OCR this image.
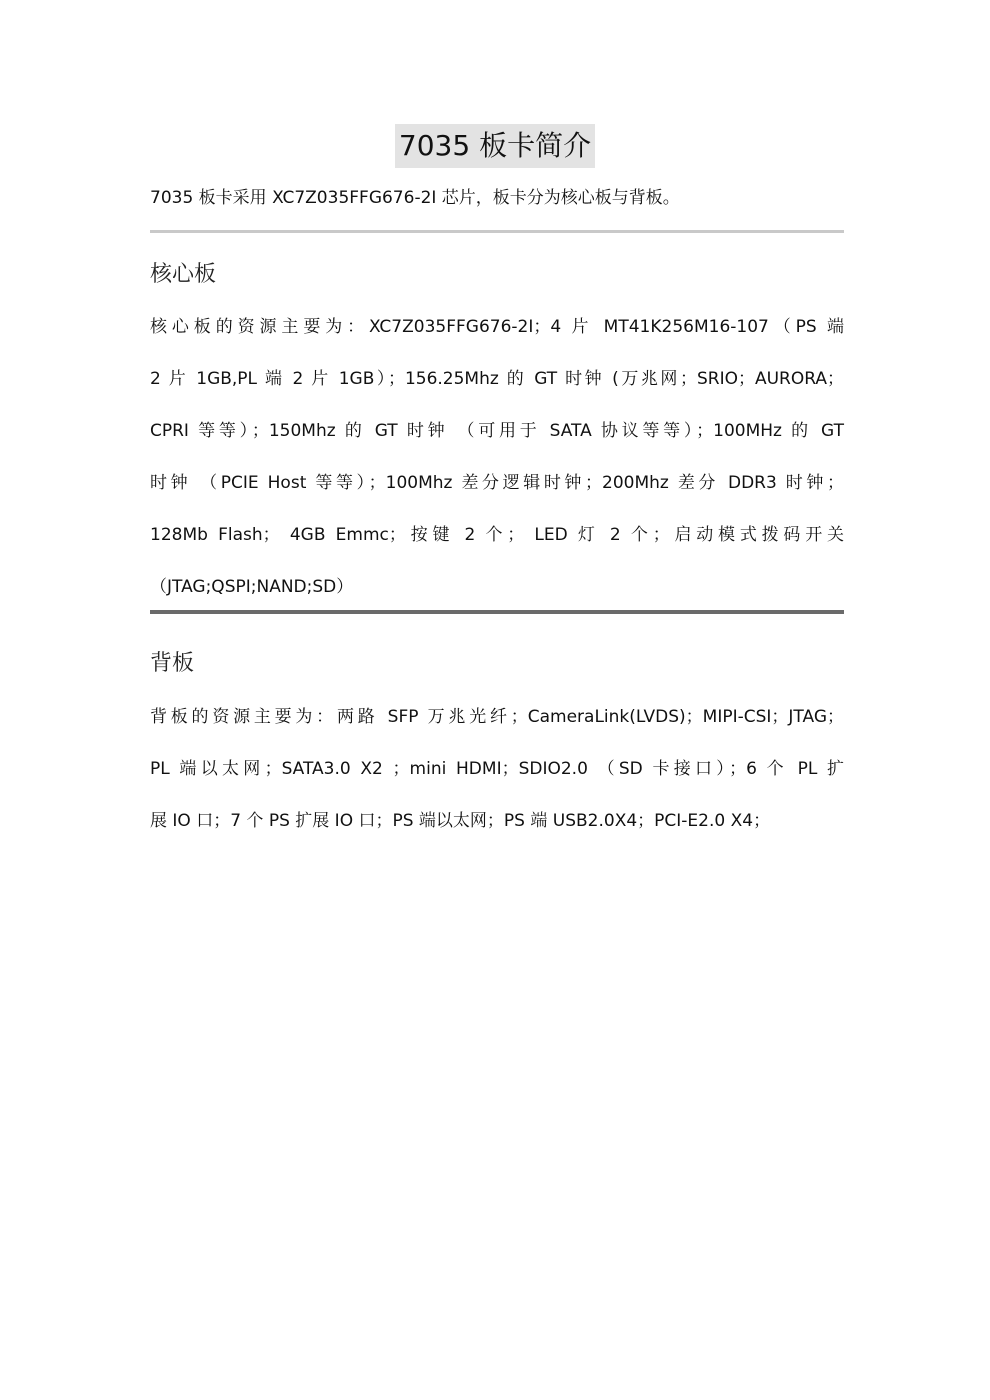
7035 板卡简介
7035 板卡采用 XC7Z035FFG676-2I 芯片，板卡分为核心板与背板。
核心板
核心板的资源主要为：XC7Z035FFG676-2I；4 片 MT41K256M16-107（PS 端
2 片 1GB,PL 端 2 片 1GB）；156.25Mhz 的 GT 时钟 (万兆网；SRIO；AURORA；
CPRI 等等）；150Mhz 的 GT 时钟 （可用于 SATA 协议等等）；100MHz 的 GT
时钟 （PCIE Host 等等）；100Mhz 差分逻辑时钟；200Mhz 差分 DDR3 时钟；
128Mb Flash； 4GB Emmc；按键 2 个； LED 灯 2 个；启动模式拨码开关
（JTAG;QSPI;NAND;SD）
背板
背板的资源主要为：两路 SFP 万兆光纤；CameraLink(LVDS)；MIPI-CSI；JTAG；
PL 端以太网；SATA3.0 X2 ；mini HDMI；SDIO2.0 （SD 卡接口）；6 个 PL 扩
展 IO 口；7 个 PS 扩展 IO 口；PS 端以太网；PS 端 USB2.0X4；PCI-E2.0 X4；
